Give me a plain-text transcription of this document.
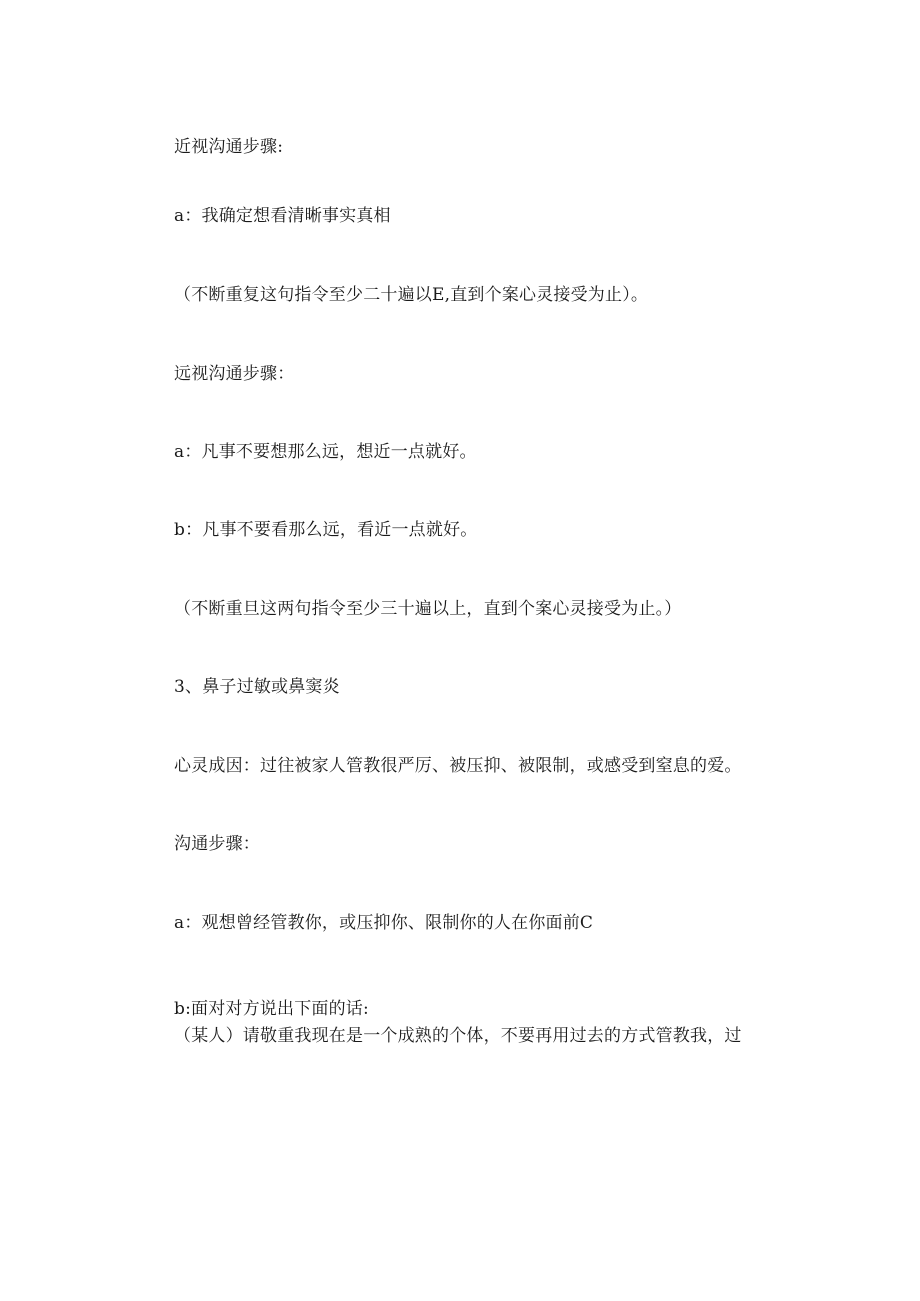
近视沟通步骤:
a：我确定想看清晰事实真相
（不断重复这句指令至少二十遍以E,直到个案心灵接受为止）。
远视沟通步骤：
a：凡事不要想那么远，想近一点就好。
b：凡事不要看那么远，看近一点就好。
（不断重旦这两句指令至少三十遍以上，直到个案心灵接受为止。）
3、鼻子过敏或鼻窦炎
心灵成因：过往被家人管教很严厉、被压抑、被限制，或感受到窒息的爱。
沟通步骤：
a：观想曾经管教你，或压抑你、限制你的人在你面前C
b:面对对方说出下面的话:
（某人）请敬重我现在是一个成熟的个体，不要再用过去的方式管教我，过
